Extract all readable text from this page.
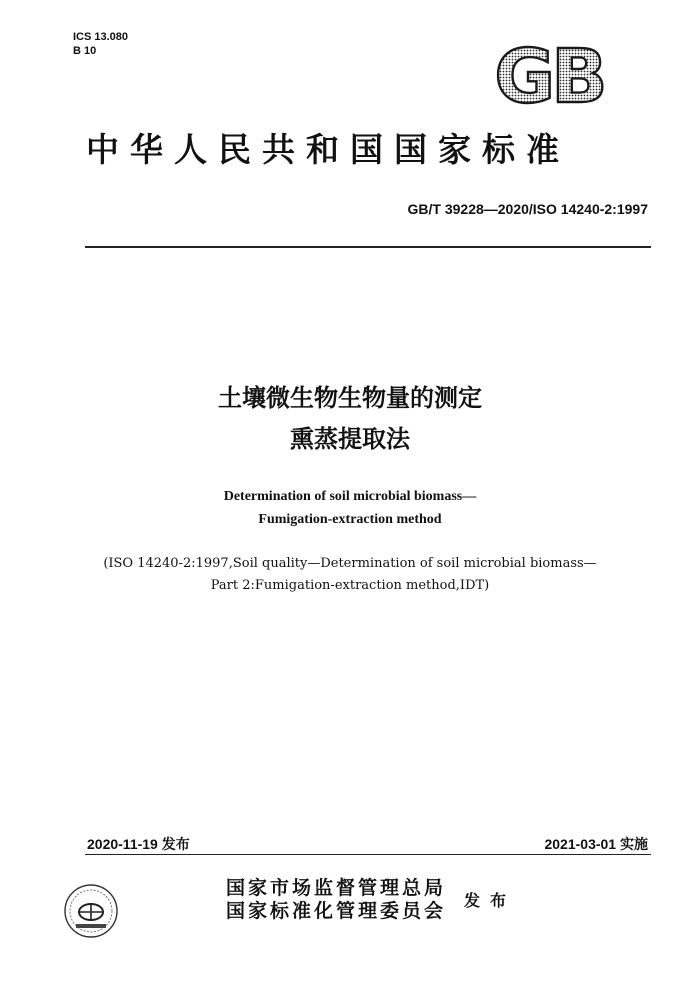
ICS 13.080
B 10	GB
中华人民共和国国家标准
GB/T 39228—2020/ISO 14240-2:1997
土壤微生物生物量的测定
熏蒸提取法
Determination of soil microbial biomass—
Fumigation-extraction method
(ISO 14240-2:1997,Soil quality—Determination of soil microbial biomass—
Part 2:Fumigation-extraction method,IDT)
2020-11-19 发布	2021-03-01 实施
国家市场监督管理总局
国家标准化管理委员会 发布
